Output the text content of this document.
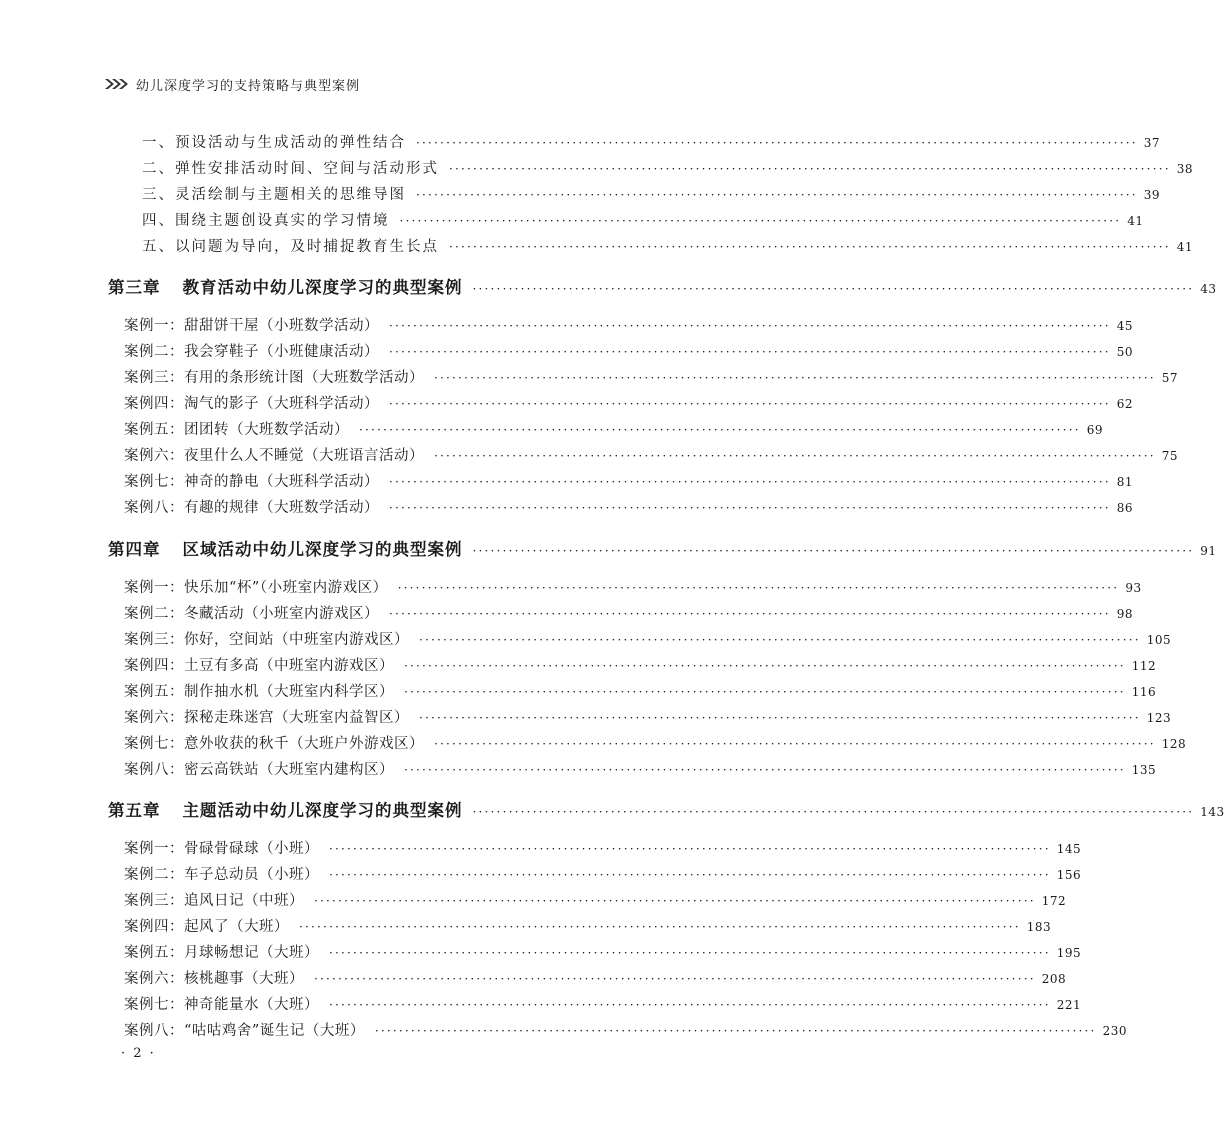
幼儿深度学习的支持策略与典型案例
一、预设活动与生成活动的弹性结合 ························································································································ 37
二、弹性安排活动时间、空间与活动形式 ························································································································ 38
三、灵活绘制与主题相关的思维导图 ························································································································ 39
四、围绕主题创设真实的学习情境 ························································································································ 41
五、以问题为导向，及时捕捉教育生长点 ························································································································ 41
第三章 教育活动中幼儿深度学习的典型案例 ························································································································ 43
案例一：甜甜饼干屋（小班数学活动） ························································································································ 45
案例二：我会穿鞋子（小班健康活动） ························································································································ 50
案例三：有用的条形统计图（大班数学活动） ························································································································ 57
案例四：淘气的影子（大班科学活动） ························································································································ 62
案例五：团团转（大班数学活动） ························································································································ 69
案例六：夜里什么人不睡觉（大班语言活动） ························································································································ 75
案例七：神奇的静电（大班科学活动） ························································································································ 81
案例八：有趣的规律（大班数学活动） ························································································································ 86
第四章 区域活动中幼儿深度学习的典型案例 ························································································································ 91
案例一：快乐加“杯”（小班室内游戏区） ························································································································ 93
案例二：冬藏活动（小班室内游戏区） ························································································································ 98
案例三：你好，空间站（中班室内游戏区） ························································································································ 105
案例四：土豆有多高（中班室内游戏区） ························································································································ 112
案例五：制作抽水机（大班室内科学区） ························································································································ 116
案例六：探秘走珠迷宫（大班室内益智区） ························································································································ 123
案例七：意外收获的秋千（大班户外游戏区） ························································································································ 128
案例八：密云高铁站（大班室内建构区） ························································································································ 135
第五章 主题活动中幼儿深度学习的典型案例 ························································································································ 143
案例一：骨碌骨碌球（小班） ························································································································ 145
案例二：车子总动员（小班） ························································································································ 156
案例三：追风日记（中班） ························································································································ 172
案例四：起风了（大班） ························································································································ 183
案例五：月球畅想记（大班） ························································································································ 195
案例六：核桃趣事（大班） ························································································································ 208
案例七：神奇能量水（大班） ························································································································ 221
案例八：“咕咕鸡舍”诞生记（大班） ························································································································ 230
· 2 ·
